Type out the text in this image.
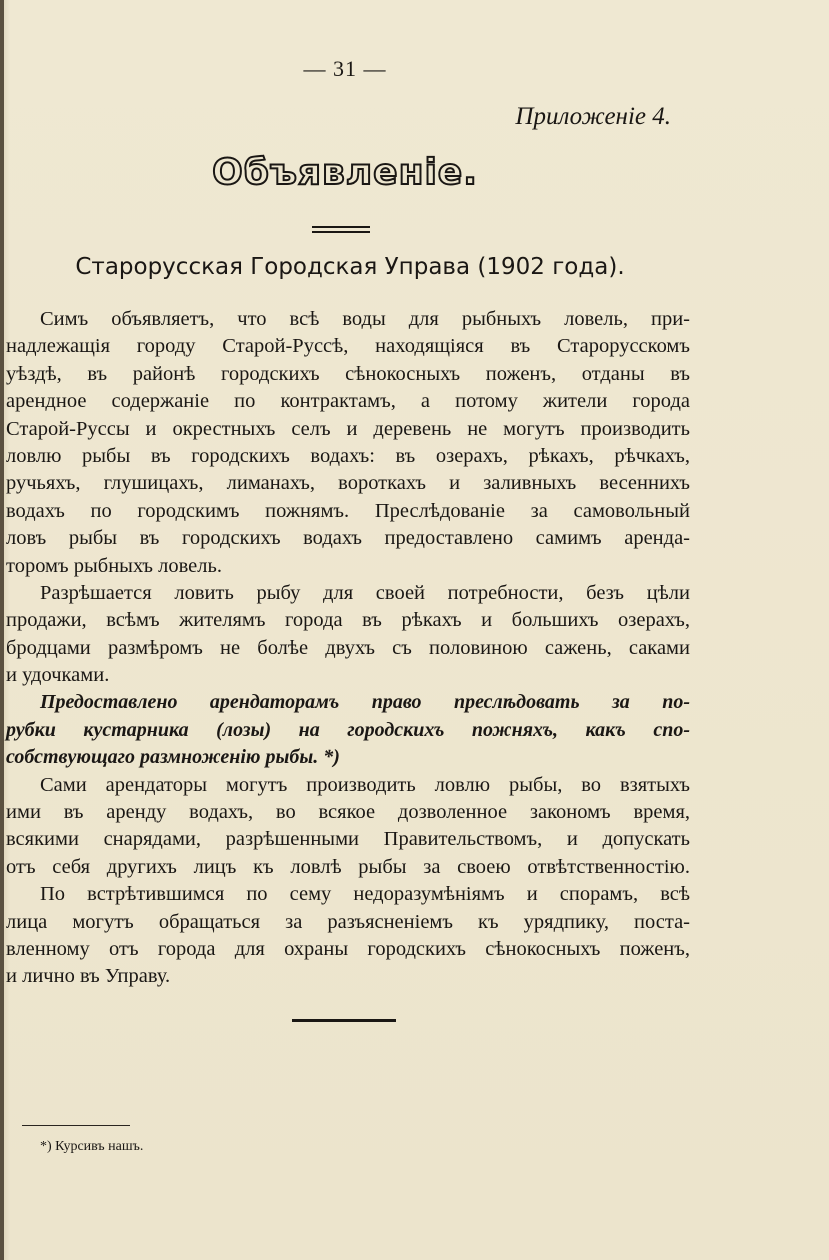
— 31 —
Приложеніе 4.
Объявленіе.
Старорусская Городская Управа (1902 года).
Симъ объявляетъ, что всѣ воды для рыбныхъ ловель, при-
надлежащія городу Старой-Руссѣ, находящіяся въ Старорусскомъ
уѣздѣ, въ районѣ городскихъ сѣнокосныхъ поженъ, отданы въ
арендное содержаніе по контрактамъ, а потому жители города
Старой-Руссы и окрестныхъ селъ и деревень не могутъ производить
ловлю рыбы въ городскихъ водахъ: въ озерахъ, рѣкахъ, рѣчкахъ,
ручьяхъ, глушицахъ, лиманахъ, вороткахъ и заливныхъ весеннихъ
водахъ по городскимъ пожнямъ. Преслѣдованіе за самовольный
ловъ рыбы въ городскихъ водахъ предоставлено самимъ аренда-
торомъ рыбныхъ ловель.
Разрѣшается ловить рыбу для своей потребности, безъ цѣли
продажи, всѣмъ жителямъ города въ рѣкахъ и большихъ озерахъ,
бродцами размѣромъ не болѣе двухъ съ половиною сажень, саками
и удочками.
Предоставлено арендаторамъ право преслѣдовать за по-
рубки кустарника (лозы) на городскихъ пожняхъ, какъ спо-
собствующаго размноженію рыбы. *)
Сами арендаторы могутъ производить ловлю рыбы, во взятыхъ
ими въ аренду водахъ, во всякое дозволенное закономъ время,
всякими снарядами, разрѣшенными Правительствомъ, и допускать
отъ себя другихъ лицъ къ ловлѣ рыбы за своею отвѣтственностію.
По встрѣтившимся по сему недоразумѣніямъ и спорамъ, всѣ
лица могутъ обращаться за разъясненіемъ къ урядпику, поста-
вленному отъ города для охраны городскихъ сѣнокосныхъ поженъ,
и лично въ Управу.
*) Курсивъ нашъ.
